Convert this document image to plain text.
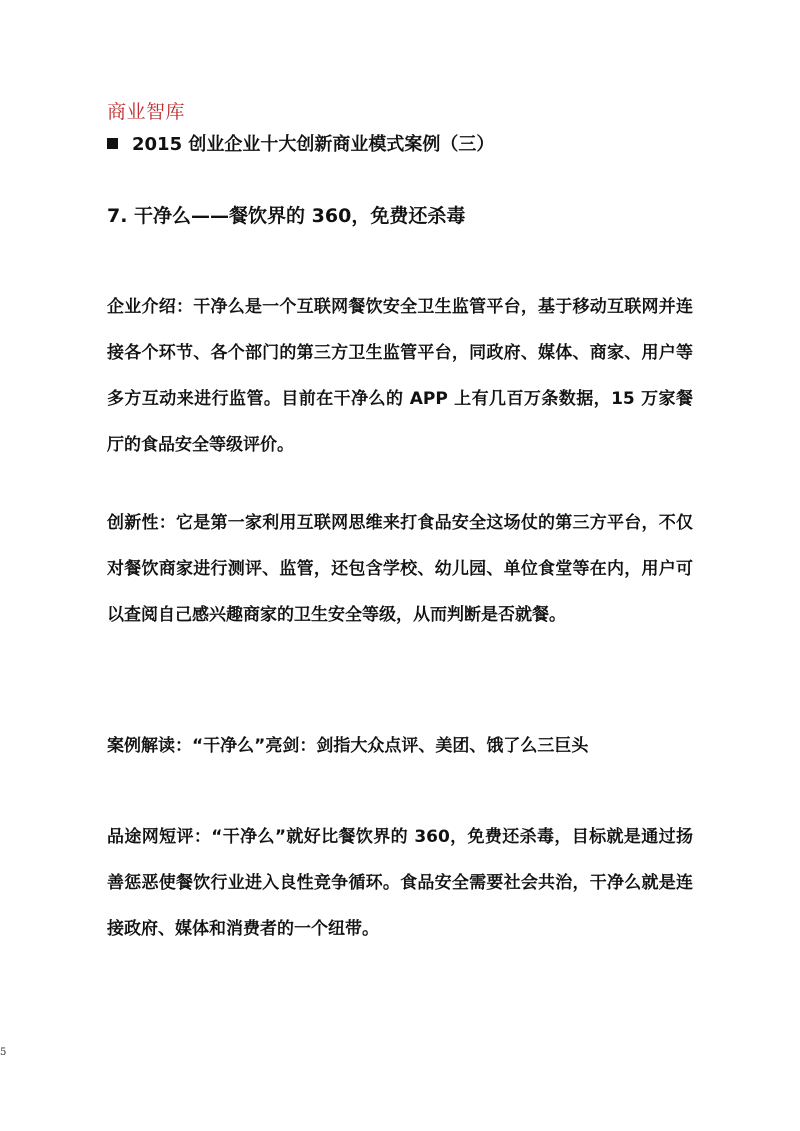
商业智库
2015 创业企业十大创新商业模式案例（三）
7. 干净么——餐饮界的 360，免费还杀毒

企业介绍：干净么是一个互联网餐饮安全卫生监管平台，基于移动互联网并连接各个环节、各个部门的第三方卫生监管平台，同政府、媒体、商家、用户等多方互动来进行监管。目前在干净么的 APP 上有几百万条数据，15 万家餐厅的食品安全等级评价。

创新性：它是第一家利用互联网思维来打食品安全这场仗的第三方平台，不仅对餐饮商家进行测评、监管，还包含学校、幼儿园、单位食堂等在内，用户可以查阅自己感兴趣商家的卫生安全等级，从而判断是否就餐。

案例解读：“干净么”亮剑：剑指大众点评、美团、饿了么三巨头

品途网短评：“干净么”就好比餐饮界的 360，免费还杀毒，目标就是通过扬善惩恶使餐饮行业进入良性竞争循环。食品安全需要社会共治，干净么就是连接政府、媒体和消费者的一个纽带。

5
